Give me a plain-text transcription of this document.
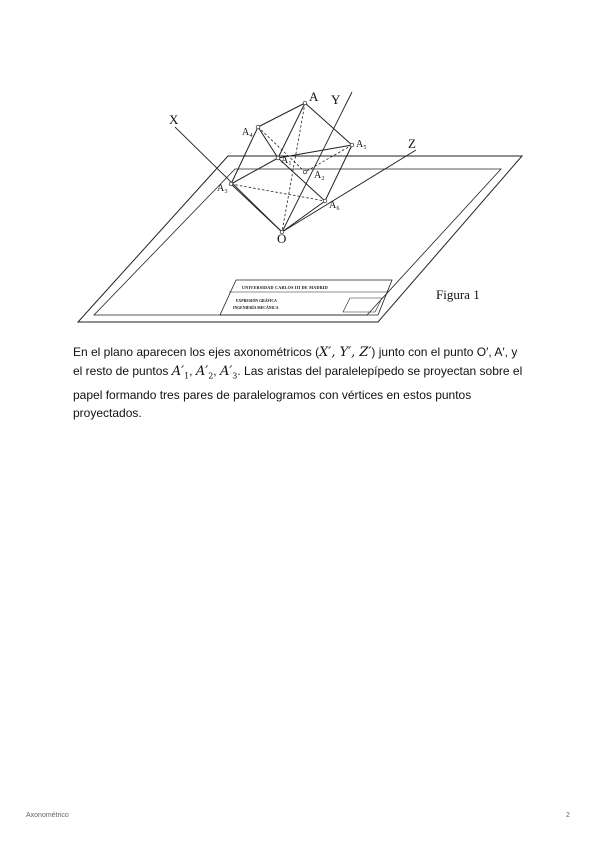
UNIVERSIDAD CARLOS III DE MADRID
EXPRESIÓN GRÁFICA
INGENIERÍA MECÁNICA
X
Y
Z
A
O
A₄
A₅
A₁
A₂
A₃
A₆
Figura 1

En el plano aparecen los ejes axonométricos (X′, Y′, Z′) junto con el punto O′, A′, y el resto de puntos $A'_1$, $A'_2$, $A'_3$. Las aristas del paralelepípedo se proyectan sobre el papel formando tres pares de paralelogramos con vértices en estos puntos proyectados.

Axonométrico	2
